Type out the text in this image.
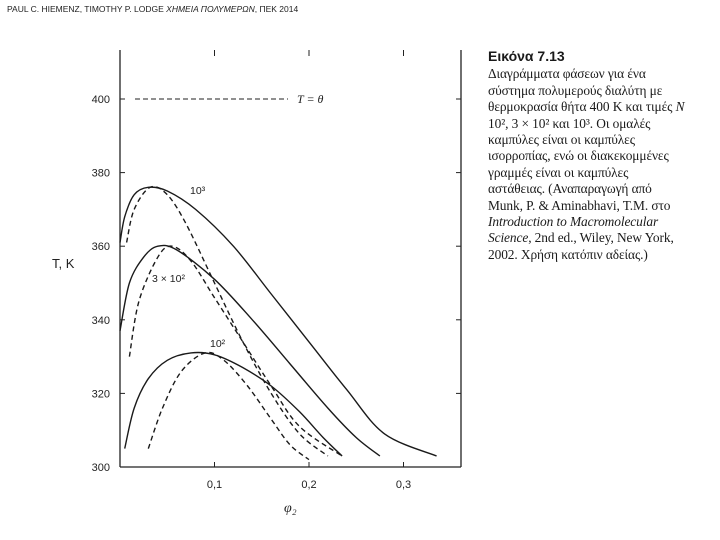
PAUL C. HIEMENZ, TIMOTHY P. LODGE ΧΗΜΕΙΑ ΠΟΛΥΜΕΡΩΝ, ΠΕΚ 2014
300
320
340
360
380
400
0,1	0,2	0,3
T = θ
10³
3 × 10²
10²
T, K
φ₂
Εικόνα 7.13
Διαγράμματα φάσεων για ένα σύστημα πολυμερούς διαλύτη με θερμοκρασία θήτα 400 K και τιμές N 10², 3 × 10² και 10³. Οι ομαλές καμπύλες είναι οι καμπύλες ισορροπίας, ενώ οι διακεκομμένες γραμμές είναι οι καμπύλες αστάθειας. (Αναπαραγωγή από Munk, P. & Aminabhavi, T.M. στο Introduction to Macromolecular Science, 2nd ed., Wiley, New York, 2002. Χρήση κατόπιν αδείας.)
